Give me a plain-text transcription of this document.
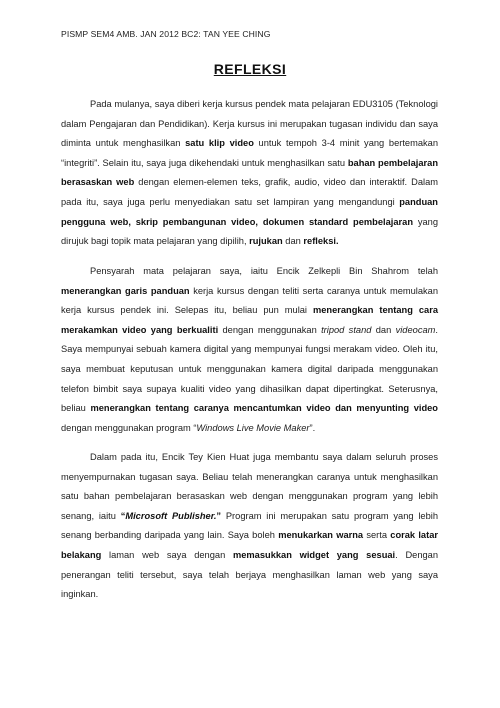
PISMP SEM4 AMB. JAN 2012 BC2: TAN YEE CHING
REFLEKSI

Pada mulanya, saya diberi kerja kursus pendek mata pelajaran EDU3105 (Teknologi dalam Pengajaran dan Pendidikan). Kerja kursus ini merupakan tugasan individu dan saya diminta untuk menghasilkan satu klip video untuk tempoh 3-4 minit yang bertemakan “integriti”. Selain itu, saya juga dikehendaki untuk menghasilkan satu bahan pembelajaran berasaskan web dengan elemen-elemen teks, grafik, audio, video dan interaktif. Dalam pada itu, saya juga perlu menyediakan satu set lampiran yang mengandungi panduan pengguna web, skrip pembangunan video, dokumen standard pembelajaran yang dirujuk bagi topik mata pelajaran yang dipilih, rujukan dan refleksi.

Pensyarah mata pelajaran saya, iaitu Encik Zelkepli Bin Shahrom telah menerangkan garis panduan kerja kursus dengan teliti serta caranya untuk memulakan kerja kursus pendek ini. Selepas itu, beliau pun mulai menerangkan tentang cara merakamkan video yang berkualiti dengan menggunakan tripod stand dan videocam. Saya mempunyai sebuah kamera digital yang mempunyai fungsi merakam video. Oleh itu, saya membuat keputusan untuk menggunakan kamera digital daripada menggunakan telefon bimbit saya supaya kualiti video yang dihasilkan dapat dipertingkat. Seterusnya, beliau menerangkan tentang caranya mencantumkan video dan menyunting video dengan menggunakan program “Windows Live Movie Maker”.

Dalam pada itu, Encik Tey Kien Huat juga membantu saya dalam seluruh proses menyempurnakan tugasan saya. Beliau telah menerangkan caranya untuk menghasilkan satu bahan pembelajaran berasaskan web dengan menggunakan program yang lebih senang, iaitu “Microsoft Publisher.” Program ini merupakan satu program yang lebih senang berbanding daripada yang lain. Saya boleh menukarkan warna serta corak latar belakang laman web saya dengan memasukkan widget yang sesuai. Dengan penerangan teliti tersebut, saya telah berjaya menghasilkan laman web yang saya inginkan.
